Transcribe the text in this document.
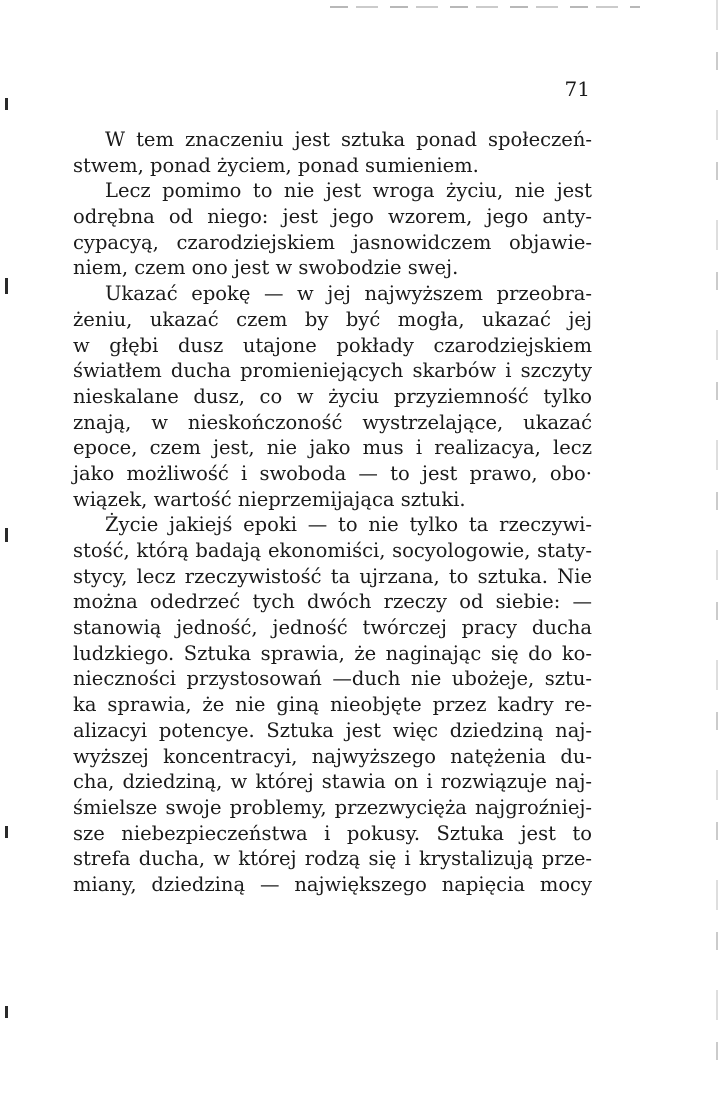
71
W tem znaczeniu jest sztuka ponad społeczeń-
stwem, ponad życiem, ponad sumieniem.
Lecz pomimo to nie jest wroga życiu, nie jest
odrębna od niego: jest jego wzorem, jego anty-
cypacyą, czarodziejskiem jasnowidczem objawie-
niem, czem ono jest w swobodzie swej.
Ukazać epokę — w jej najwyższem przeobra-
żeniu, ukazać czem by być mogła, ukazać jej
w głębi dusz utajone pokłady czarodziejskiem
światłem ducha promieniejących skarbów i szczyty
nieskalane dusz, co w życiu przyziemność tylko
znają, w nieskończoność wystrzelające, ukazać
epoce, czem jest, nie jako mus i realizacya, lecz
jako możliwość i swoboda — to jest prawo, obo·
wiązek, wartość nieprzemijająca sztuki.
Życie jakiejś epoki — to nie tylko ta rzeczywi-
stość, którą badają ekonomiści, socyologowie, staty-
stycy, lecz rzeczywistość ta ujrzana, to sztuka. Nie
można odedrzeć tych dwóch rzeczy od siebie: —
stanowią jedność, jedność twórczej pracy ducha
ludzkiego. Sztuka sprawia, że naginając się do ko-
nieczności przystosowań —duch nie ubożeje, sztu-
ka sprawia, że nie giną nieobjęte przez kadry re-
alizacyi potencye. Sztuka jest więc dziedziną naj-
wyższej koncentracyi, najwyższego natężenia du-
cha, dziedziną, w której stawia on i rozwiązuje naj-
śmielsze swoje problemy, przezwycięża najgroźniej-
sze niebezpieczeństwa i pokusy. Sztuka jest to
strefa ducha, w której rodzą się i krystalizują prze-
miany, dziedziną — największego napięcia mocy
